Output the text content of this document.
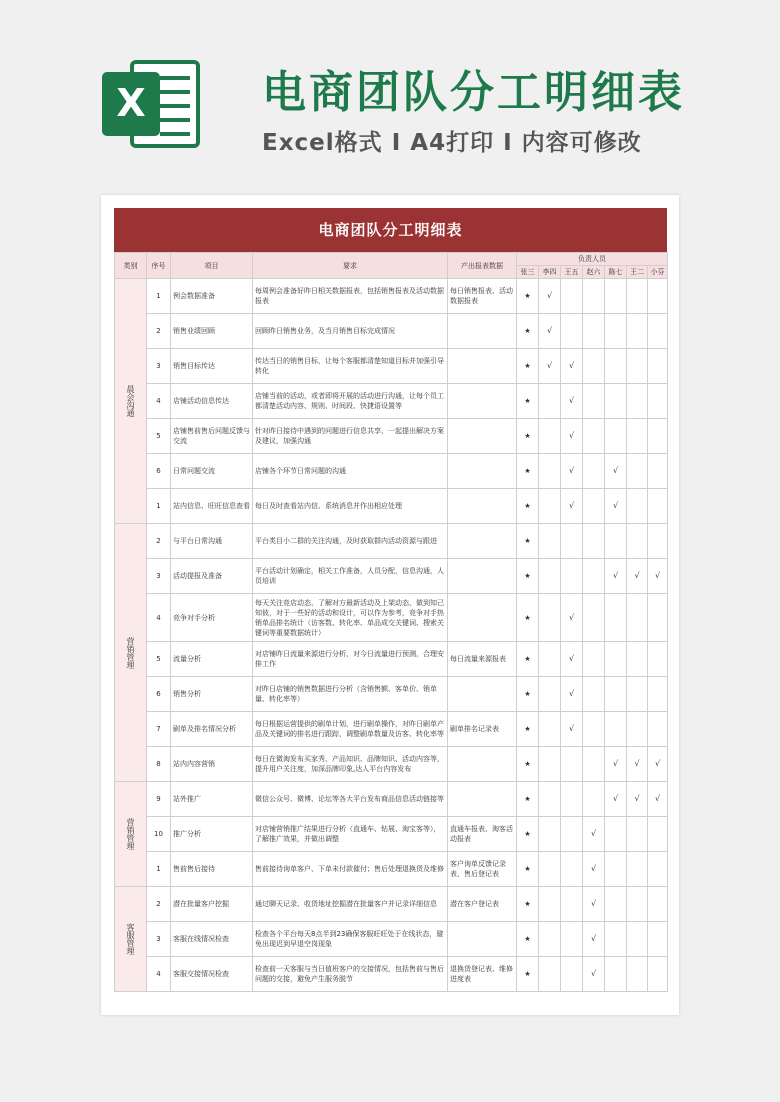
X	电商团队分工明细表
Excel格式 I A4打印 I 内容可修改
电商团队分工明细表
类别	序号	项目	要求	产出报表数据	负责人员						
					张三	李四	王五	赵六	陈七	王二	小芬
晨会沟通	1	例会数据准备	每周例会准备好昨日相关数据报表，包括销售报表及活动数据报表	每日销售报表、活动数据报表	★	√					
	2	销售业绩回顾	回顾昨日销售业务，及当月销售目标完成情况		★	√					
	3	销售目标传达	传达当日的销售目标，让每个客服都清楚知道目标并加强引导转化		★	√	√				
	4	店铺活动信息传达	店铺当前的活动，或者即将开展的活动进行沟通，让每个员工都清楚活动内容、规则、时间段、快捷语设置等		★		√				
	5	店铺售前售后问题反馈与交流	针对昨日接待中遇到的问题进行信息共享，一起提出解决方案及建议，加强沟通		★		√				
	6	日常问题交流	店铺各个环节日常问题的沟通		★		√		√		
	1	站内信息、旺旺信息查看	每日及时查看站内信、系统消息并作出相应处理		★		√		√		
营销管理	2	与平台日常沟通	平台类目小二群的关注沟通，及时获取群内活动资源与跟进		★						
	3	活动提报及准备	平台活动计划确定，相关工作准备，人员分配，信息沟通，人员培训		★				√	√	√
	4	竞争对手分析	每天关注竞店动态，了解对方最新活动及上架动态，做到知己知彼，对于一些好的活动和设计，可以作为参考，竞争对手热销单品排名统计（访客数、转化率、单品成交关键词、搜索关键词等重要数据统计）		★		√				
	5	流量分析	对店铺昨日流量来源进行分析，对今日流量进行预测，合理安排工作	每日流量来源报表	★		√				
	6	销售分析	对昨日店铺的销售数据进行分析（含销售额、客单价、销单量、转化率等）		★		√				
	7	刷单及排名情况分析	每日根据运营提供的刷单计划，进行刷单操作，对昨日刷单产品及关键词的排名进行跟踪，调整刷单数量及访客、转化率等	刷单排名记录表	★		√				
	8	站内内容营销	每日在微淘发布买家秀、产品知识、品牌知识、活动内容等，提升用户关注度，加深品牌印象,达人平台内容发布		★				√	√	√
营销管理	9	站外推广	微信公众号、微博、论坛等各大平台发布商品信息活动链接等		★				√	√	√
	10	推广分析	对店铺营销推广结果进行分析（直通车、钻展、淘宝客等），了解推广效果，并做出调整	直通车报表、淘客活动报表	★			√			
	1	售前售后接待	售前接待询单客户、下单未付款催付；售后处理退换货及维修	客户询单反馈记录表、售后登记表	★			√			
客服管理	2	潜在批量客户挖掘	通过聊天记录、收货地址挖掘潜在批量客户并记录详细信息	潜在客户登记表	★			√			
	3	客服在线情况检查	检查各个平台每天8点半到23确保客服旺旺处于在线状态，避免出现迟到早退空岗现象		★			√			
	4	客服交接情况检查	检查前一天客服与当日值班客户的交接情况，包括售前与售后问题的交接，避免产生服务脱节	退换货登记表、维修进度表	★			√			
